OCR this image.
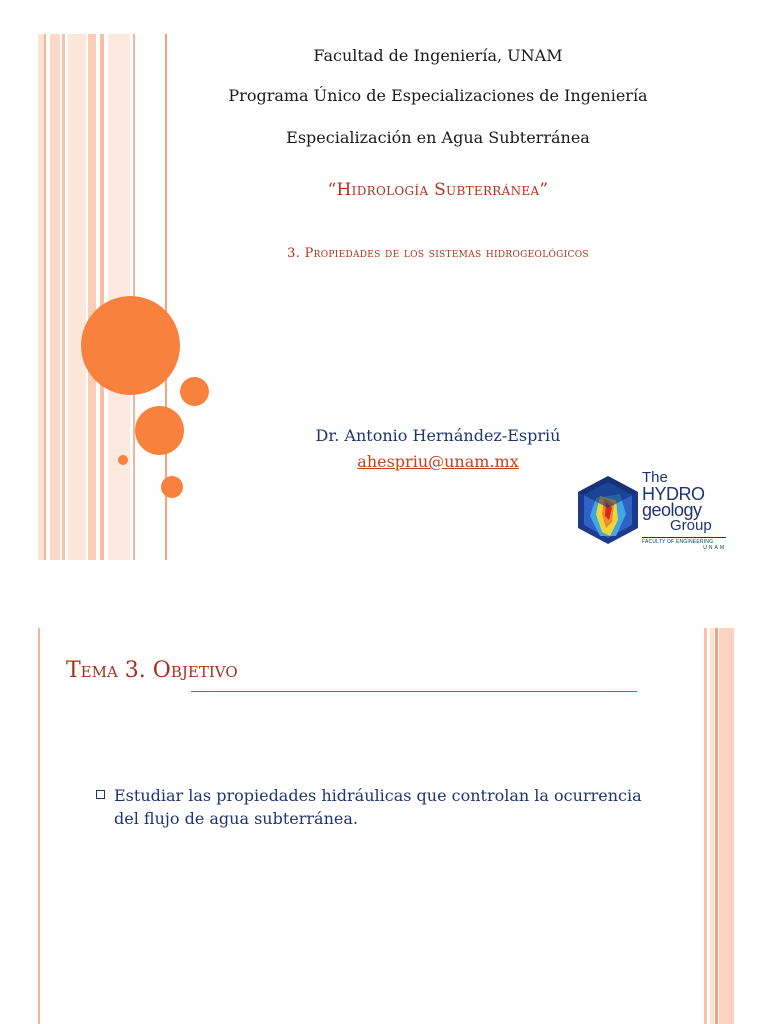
Facultad de Ingeniería, UNAM
Programa Único de Especializaciones de Ingeniería
Especialización en Agua Subterránea
“Hidrología Subterránea”
3. Propiedades de los sistemas hidrogeológicos
Dr. Antonio Hernández-Espriú
ahespriu@unam.mx
The
HYDRO
geology
Group
FACULTY OF ENGINEERING
UNAM
Tema 3. Objetivo
Estudiar las propiedades hidráulicas que controlan la ocurrencia del flujo de agua subterránea.
